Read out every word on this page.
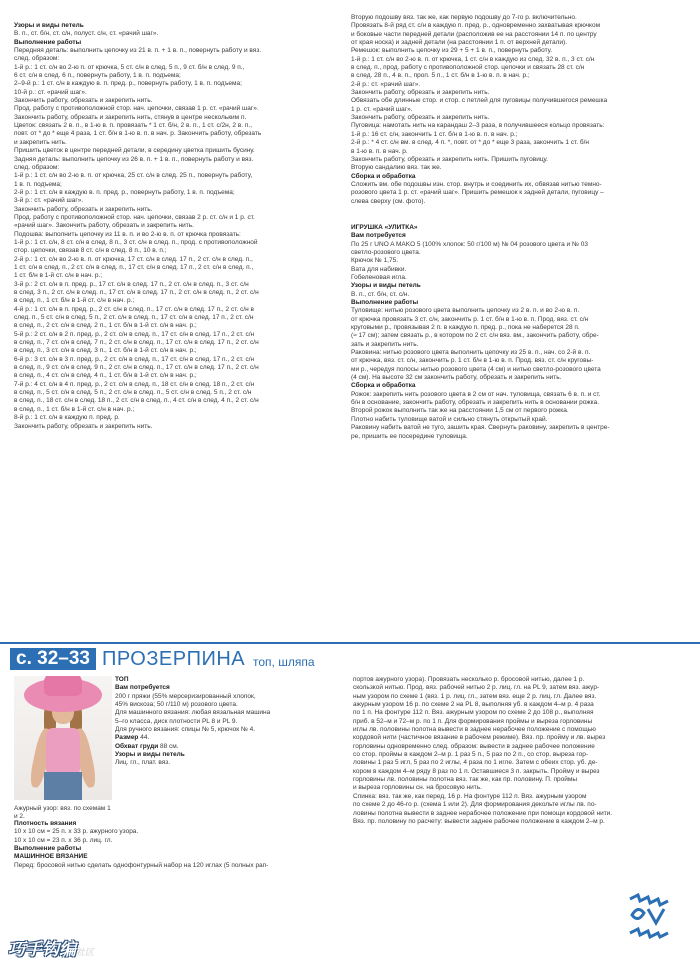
Узоры и виды петель

В. п., ст. б/н, ст. с/н, полуст. с/н, ст. «рачий шаг».

Выполнение работы

Передняя деталь: выполнить цепочку из 21 в. п. + 1 в. п., повернуть работу и вяз.

след. образом:

1-й р.: 1 ст. с/н во 2-ю п. от крючка, 5 ст. с/н в след. 5 п., 9 ст. б/н в след. 9 п.,

6 ст. с/н в след. 6 п., повернуть работу, 1 в. п. подъема;

2–9-й р.: 1 ст. с/н в каждую в. п. пред. р., повернуть работу, 1 в. п. подъема;

10-й р.: ст. «рачий шаг».

Закончить работу, обрезать и закрепить нить.

Прод. работу с противоположной стор. нач. цепочки, связав 1 р. ст. «рачий шаг».

Закончить работу, обрезать и закрепить нить, стянув в центре нескольким п.

Цветок: связать 2 в. п., в 1-ю в. п. провязать * 1 ст. б/н, 2 в. п., 1 ст. с/2н, 2 в. п.,

повт. от * до * еще 4 раза, 1 ст. б/н в 1-ю в. п. в нач. р. Закончить работу, обрезать

и закрепить нить.

Пришить цветок в центре передней детали, в середину цветка пришить бусину.

Задняя деталь: выполнить цепочку из 26 в. п. + 1 в. п., повернуть работу и вяз.

след. образом:

1-й р.: 1 ст. с/н во 2-ю в. п. от крючка, 25 ст. с/н в след. 25 п., повернуть работу,

1 в. п. подъема;

2-й р.: 1 ст. с/н в каждую в. п. пред. р., повернуть работу, 1 в. п. подъема;

3-й р.: ст. «рачий шаг».

Закончить работу, обрезать и закрепить нить.

Прод. работу с противоположной стор. нач. цепочки, связав 2 р. ст. с/н и 1 р. ст.

«рачий шаг». Закончить работу, обрезать и закрепить нить.

Подошва: выполнить цепочку из 11 в. п. и во 2-ю в. п. от крючка провязать:

1-й р.: 1 ст. с/н, 8 ст. с/н в след. 8 п., 3 ст. с/н в след. п., прод. с противоположной

стор. цепочки, связав 8 ст. с/н в след. 8 п., 10 в. п.;

2-й р.: 1 ст. с/н во 2-ю в. п. от крючка, 17 ст. с/н в след. 17 п., 2 ст. с/н в след. п.,

1 ст. с/н в след. п., 2 ст. с/н в след. п., 17 ст. с/н в след. 17 п., 2 ст. с/н в след. п.,

1 ст. б/н в 1-й ст. с/н в нач. р.;

3-й р.: 2 ст. с/н в п. пред. р., 17 ст. с/н в след. 17 п., 2 ст. с/н в след. п., 3 ст. с/н

в след. 3 п., 2 ст. с/н в след. п., 17 ст. с/н в след. 17 п., 2 ст. с/н в след. п., 2 ст. с/н

в след. п., 1 ст. б/н в 1-й ст. с/н в нач. р.;

4-й р.: 1 ст. с/н в п. пред. р., 2 ст. с/н в след. п., 17 ст. с/н в след. 17 п., 2 ст. с/н в

след. п., 5 ст. с/н в след. 5 п., 2 ст. с/н в след. п., 17 ст. с/н в след. 17 п., 2 ст. с/н

в след. п., 2 ст. с/н в след. 2 п., 1 ст. б/н в 1-й ст. с/н в нач. р.;

5-й р.: 2 ст. с/н в 2 п. пред. р., 2 ст. с/н в след. п., 17 ст. с/н в след. 17 п., 2 ст. с/н

в след. п., 7 ст. с/н в след. 7 п., 2 ст. с/н в след. п., 17 ст. с/н в след. 17 п., 2 ст. с/н

в след. п., 3 ст. с/н в след. 3 п., 1 ст. б/н в 1-й ст. с/н в нач. р.;

6-й р.: 3 ст. с/н в 3 п. пред. р., 2 ст. с/н в след. п., 17 ст. с/н в след. 17 п., 2 ст. с/н

в след. п., 9 ст. с/н в след. 9 п., 2 ст. с/н в след. п., 17 ст. с/н в след. 17 п., 2 ст. с/н

в след. п., 4 ст. с/н в след. 4 п., 1 ст. б/н в 1-й ст. с/н в нач. р.;

7-й р.: 4 ст. с/н в 4 п. пред. р., 2 ст. с/н в след. п., 18 ст. с/н в след. 18 п., 2 ст. с/н

в след. п., 5 ст. с/н в след. 5 п., 2 ст. с/н в след. п., 5 ст. с/н в след. 5 п., 2 ст. с/н

в след. п., 18 ст. с/н в след. 18 п., 2 ст. с/н в след. п., 4 ст. с/н в след. 4 п., 2 ст. с/н

в след. п., 1 ст. б/н в 1-й ст. с/н в нач. р.;

8-й р.: 1 ст. с/н в каждую п. пред. р.

Закончить работу, обрезать и закрепить нить.

Вторую подошву вяз. так же, как первую подошву до 7-го р. включительно.

Провязать 8-й ряд ст. с/н в каждую п. пред. р., одновременно захватывая крючком

и боковые части передней детали (расположив ее на расстоянии 14 п. по центру

от края носка) и задней детали (на расстоянии 1 п. от верхней детали).

Ремешок: выполнить цепочку из 29 + 5 + 1 в. п., повернуть работу.

1-й р.: 1 ст. с/н во 2-ю в. п. от крючка, 1 ст. с/н в каждую из след. 32 в. п., 3 ст. с/н

в след. п., прод. работу с противоположной стор. цепочки и связать 28 ст. с/н

в след. 28 п., 4 в. п., проп. 5 п., 1 ст. б/н в 1-ю в. п. в нач. р.;

2-й р.: ст. «рачий шаг».

Закончить работу, обрезать и закрепить нить.

Обвязать обе длинные стор. и стор. с петлей для пуговицы получившегося ремешка

1 р. ст. «рачий шаг».

Закончить работу, обрезать и закрепить нить.

Пуговица: намотать нить на карандаш 2–3 раза, в получившееся кольцо провязать:

1-й р.: 16 ст. с/н, закончить 1 ст. б/н в 1-ю в. п. в нач. р.;

2-й р.: * 4 ст. с/н вм. в след. 4 п. *, повт. от * до * еще 3 раза, закончить 1 ст. б/н

в 1-ю в. п. в нач. р.

Закончить работу, обрезать и закрепить нить. Пришить пуговицу.

Вторую сандалию вяз. так же.

Сборка и обработка

Сложить вм. обе подошвы изн. стор. внутрь и соединить их, обвязав нитью темно-

розового цвета 1 р. ст. «рачий шаг». Пришить ремешок к задней детали, пуговицу –

слева сверху (см. фото).

ИГРУШКА «УЛИТКА»

Вам потребуется

По 25 г UNO A MAKO 5 (100% хлопок: 50 г/100 м) № 04 розового цвета и № 03

светло-розового цвета.

Крючок № 1,75.

Вата для набивки.

Гобеленовая игла.

Узоры и виды петель

В. п., ст. б/н, ст. с/н.

Выполнение работы

Туловище: нитью розового цвета выполнить цепочку из 2 в. п. и во 2-ю в. п.

от крючка провязать 3 ст. с/н, закончить р. 1 ст. б/н в 1-ю в. п. Прод. вяз. ст. с/н

круговыми р., провязывая 2 п. в каждую п. пред. р., пока не наберется 28 п.

(≈ 17 см); затем связать р., в котором по 2 ст. с/н вяз. вм., закончить работу, обре-

зать и закрепить нить.

Раковина: нитью розового цвета выполнить цепочку из 25 в. п., нач. со 2-й в. п.

от крючка, вяз. ст. с/н, закончить р. 1 ст. б/н в 1-ю в. п. Прод. вяз. ст. с/н круговы-

ми р., чередуя полосы нитью розового цвета (4 см) и нитью светло-розового цвета

(4 см). На высоте 32 см закончить работу, обрезать и закрепить нить.

Сборка и обработка

Рожок: закрепить нить розового цвета в 2 см от нач. туловища, связать 6 в. п. и ст.

б/н в основание, закончить работу, обрезать и закрепить нить в основании рожка.

Второй рожок выполнить так же на расстоянии 1,5 см от первого рожка.

Плотно набить туловище ватой и сильно стянуть открытый край.

Раковину набить ватой не туго, зашить края. Свернуть раковину, закрепить в центре-

ре, пришить ее посередине туловища.

с. 32–33 ПРОЗЕРПИНА топ, шляпа

ТОП

Вам потребуется

200 г пряжи (55% мерсеризированный хлопок,

45% вискоза; 50 г/110 м) розового цвета.

Для машинного вязания: любая вязальная машина

5–го класса, диск плотности PL 8 и PL 9.

Для ручного вязания: спицы № 5, крючок № 4.

Размер 44.

Обхват груди 88 см.

Узоры и виды петель

Лиц. гл., плат. вяз.

Ажурный узор: вяз. по схемам 1 и 2.

Плотность вязания

10 х 10 см = 25 п. х 33 р. ажурного узора.

10 х 10 см = 23 п. х 36 р. лиц. гл.

Выполнение работы

МАШИННОЕ ВЯЗАНИЕ

Перед: бросовой нитью сделать однофонтурный набор на 120 иглах (5 полных рап-

портов ажурного узора). Провязать несколько р. бросовой нитью, далее 1 р.

скользкой нитью. Прод. вяз. рабочей нитью 2 р. лиц. гл. на PL 9, затем вяз. ажур-

ным узором по схеме 1 (вяз. 1 р. лиц. гл., затем вяз. еще 2 р. лиц. гл. Далее вяз.

ажурным узором 16 р. по схеме 2 на PL 8, выполняя уб. в каждом 4–м р. 4 раза

по 1 п. На фонтуре 112 п. Вяз. ажурным узором по схеме 2 до 108 р., выполняя

приб. в 52–м и 72–м р. по 1 п. Для формирования проймы и выреза горловины

иглы лв. половины полотна вывести в заднее нерабочее положение с помощью

кордовой нити (частичное вязание в рабочем режиме). Вяз. пр. пройму и лв. вырез

горловины одновременно след. образом: вывести в заднее рабочее положение

со стор. проймы в каждом 2–м р. 1 раз 5 п., 5 раз по 2 п., со стор. выреза гор-

ловины 1 раз 5 игл, 5 раз по 2 иглы, 4 раза по 1 игле. Затем с обеих стор. уб. де-

кором в каждом 4–м ряду 8 раз по 1 п. Оставшиеся 3 п. закрыть. Пройму и вырез

горловины лв. половины полотна вяз. так же, как пр. половину. П. проймы

и выреза горловины сн. на бросовую нить.

Спинка: вяз. так же, как перед, 16 р. На фонтуре 112 п. Вяз. ажурным узором

по схеме 2 до 46-го р. (схема 1 или 2). Для формирования декольте иглы лв. по-

ловины полотна вывести в заднее нерабочее положение при помощи кордовой нити.

Вяз. пр. половину по расчету: вывести заднее рабочее положение в каждом 2–м р.

巧手钩编社区
